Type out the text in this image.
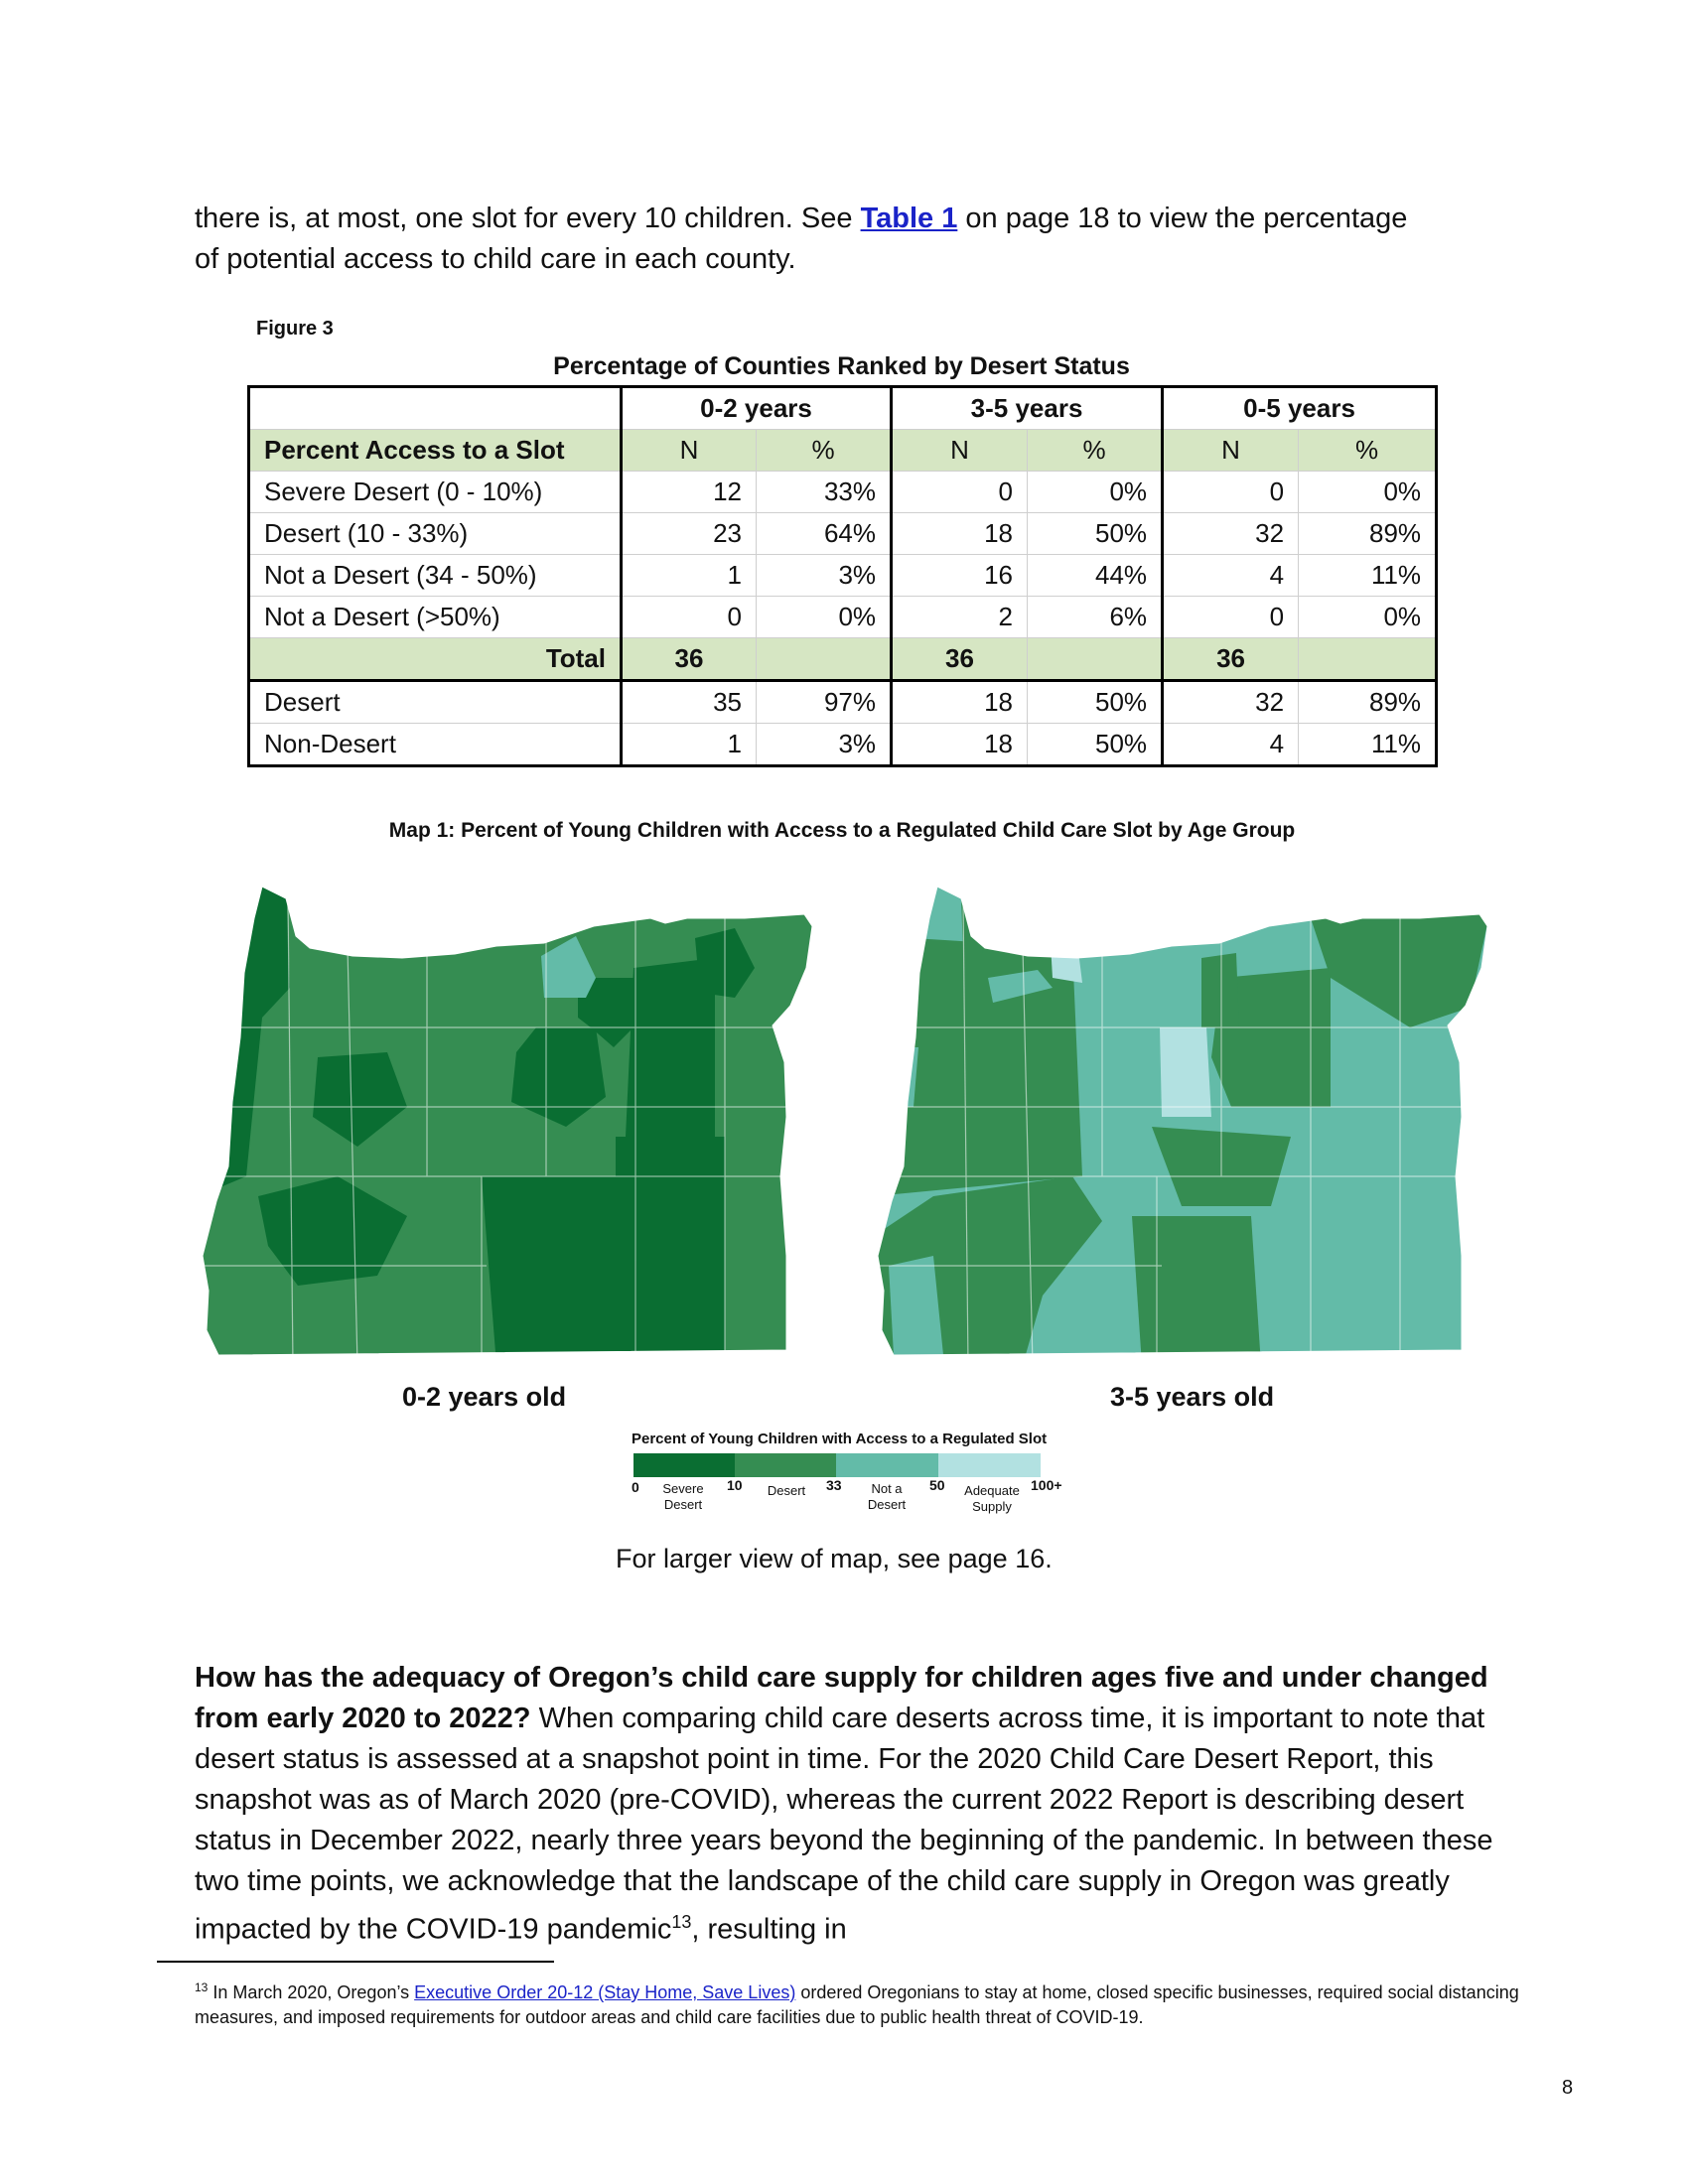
there is, at most, one slot for every 10 children. See Table 1 on page 18 to view the percentage
of potential access to child care in each county.
Figure 3
Percentage of Counties Ranked by Desert Status
	0-2 years		3-5 years		0-5 years	
Percent Access to a Slot	N	%	N	%	N	%
Severe Desert (0 - 10%)	12	33%	0	0%	0	0%
Desert (10 - 33%)	23	64%	18	50%	32	89%
Not a Desert (34 - 50%)	1	3%	16	44%	4	11%
Not a Desert (>50%)	0	0%	2	6%	0	0%
Total	36		36		36	
Desert	35	97%	18	50%	32	89%
Non-Desert	1	3%	18	50%	4	11%
Map 1: Percent of Young Children with Access to a Regulated Child Care Slot by Age Group
0-2 years old	3-5 years old
Percent of Young Children with Access to a Regulated Slot
0	10	33	50	100+
Severe Desert
Desert	Not a Desert
Adequate Supply
For larger view of map, see page 16.
How has the adequacy of Oregon’s child care supply for children ages five and under changed from early 2020 to 2022? When comparing child care deserts across time, it is important to note that desert status is assessed at a snapshot point in time. For the 2020 Child Care Desert Report, this snapshot was as of March 2020 (pre-COVID), whereas the current 2022 Report is describing desert status in December 2022, nearly three years beyond the beginning of the pandemic. In between these two time points, we acknowledge that the landscape of the child care supply in Oregon was greatly impacted by the COVID-19 pandemic$^{13}$, resulting in
$^{13}$ In March 2020, Oregon’s Executive Order 20-12 (Stay Home, Save Lives) ordered Oregonians to stay at home, closed specific businesses, required social distancing measures, and imposed requirements for outdoor areas and child care facilities due to public health threat of COVID-19.
8
